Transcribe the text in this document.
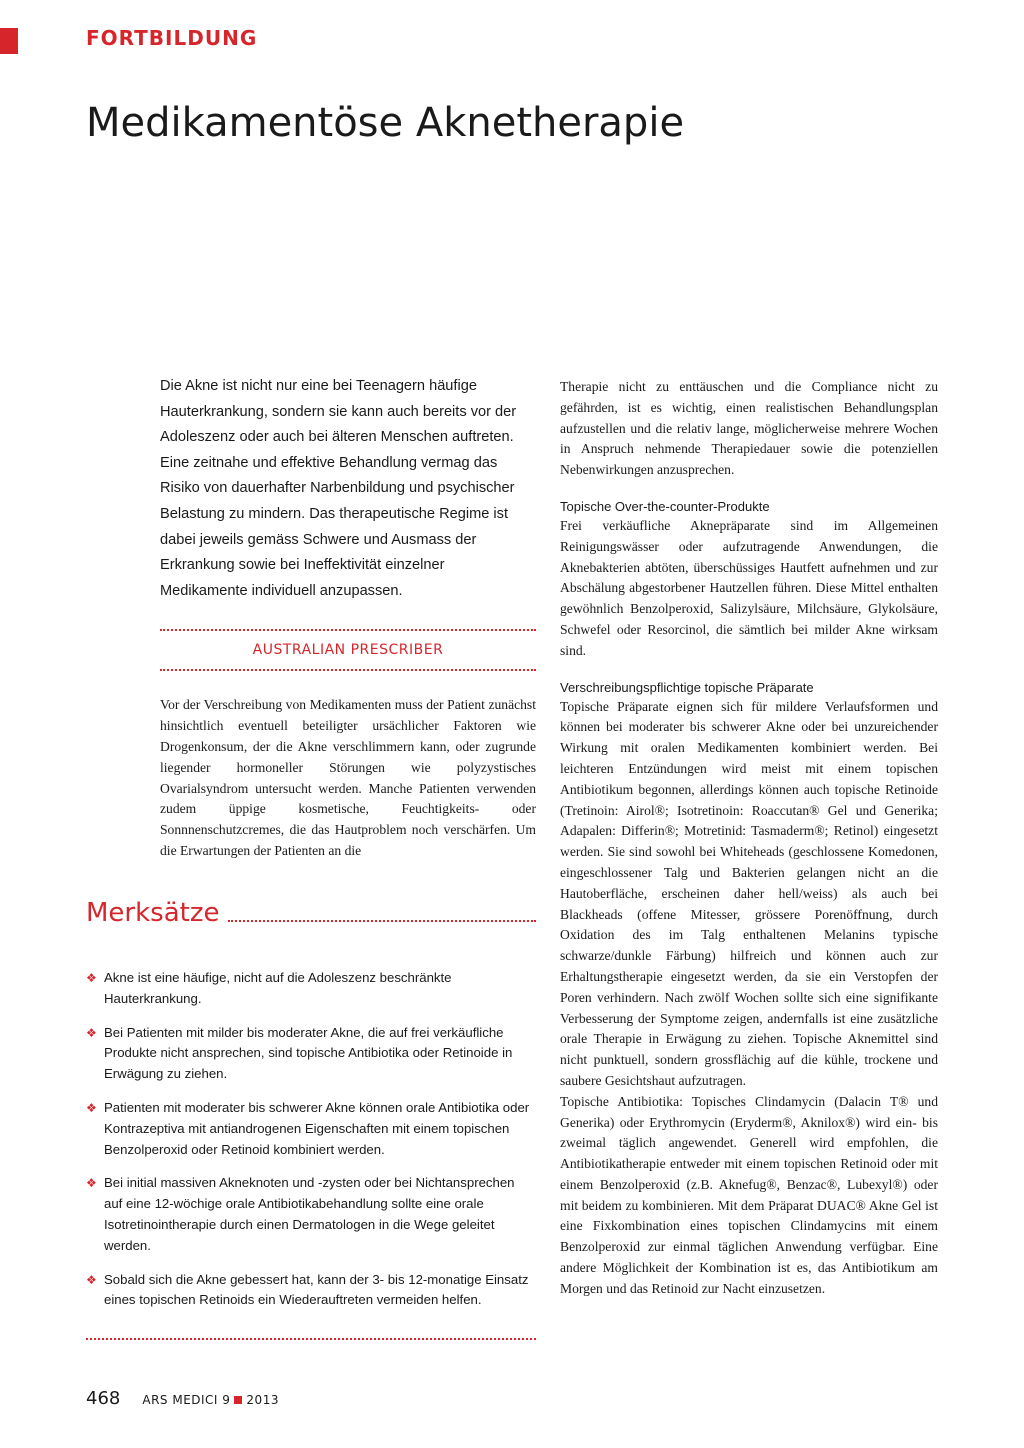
FORTBILDUNG
Medikamentöse Aknetherapie

Die Akne ist nicht nur eine bei Teenagern häufige Hauterkrankung, sondern sie kann auch bereits vor der Adoleszenz oder auch bei älteren Menschen auftreten. Eine zeitnahe und effektive Behandlung vermag das Risiko von dauerhafter Narbenbildung und psychischer Belastung zu mindern. Das therapeutische Regime ist dabei jeweils gemäss Schwere und Ausmass der Erkrankung sowie bei Ineffektivität einzelner Medikamente individuell anzupassen.

AUSTRALIAN PRESCRIBER

Vor der Verschreibung von Medikamenten muss der Patient zunächst hinsichtlich eventuell beteiligter ursächlicher Faktoren wie Drogenkonsum, der die Akne verschlimmern kann, oder zugrunde liegender hormoneller Störungen wie polyzystisches Ovarialsyndrom untersucht werden. Manche Patienten verwenden zudem üppige kosmetische, Feuchtigkeits- oder Sonnnenschutzcremes, die das Hautproblem noch verschärfen. Um die Erwartungen der Patienten an die

Therapie nicht zu enttäuschen und die Compliance nicht zu gefährden, ist es wichtig, einen realistischen Behandlungsplan aufzustellen und die relativ lange, möglicherweise mehrere Wochen in Anspruch nehmende Therapiedauer sowie die potenziellen Nebenwirkungen anzusprechen.

Topische Over-the-counter-Produkte

Frei verkäufliche Aknepräparate sind im Allgemeinen Reinigungswässer oder aufzutragende Anwendungen, die Aknebakterien abtöten, überschüssiges Hautfett aufnehmen und zur Abschälung abgestorbener Hautzellen führen. Diese Mittel enthalten gewöhnlich Benzolperoxid, Salizylsäure, Milchsäure, Glykolsäure, Schwefel oder Resorcinol, die sämtlich bei milder Akne wirksam sind.

Verschreibungspflichtige topische Präparate

Topische Präparate eignen sich für mildere Verlaufsformen und können bei moderater bis schwerer Akne oder bei unzureichender Wirkung mit oralen Medikamenten kombiniert werden. Bei leichteren Entzündungen wird meist mit einem topischen Antibiotikum begonnen, allerdings können auch topische Retinoide (Tretinoin: Airol®; Isotretinoin: Roaccutan® Gel und Generika; Adapalen: Differin®; Motretinid: Tasmaderm®; Retinol) eingesetzt werden. Sie sind sowohl bei Whiteheads (geschlossene Komedonen, eingeschlossener Talg und Bakterien gelangen nicht an die Hautoberfläche, erscheinen daher hell/weiss) als auch bei Blackheads (offene Mitesser, grössere Porenöffnung, durch Oxidation des im Talg enthaltenen Melanins typische schwarze/dunkle Färbung) hilfreich und können auch zur Erhaltungstherapie eingesetzt werden, da sie ein Verstopfen der Poren verhindern. Nach zwölf Wochen sollte sich eine signifikante Verbesserung der Symptome zeigen, andernfalls ist eine zusätzliche orale Therapie in Erwägung zu ziehen. Topische Aknemittel sind nicht punktuell, sondern grossflächig auf die kühle, trockene und saubere Gesichtshaut aufzutragen.

Topische Antibiotika: Topisches Clindamycin (Dalacin T® und Generika) oder Erythromycin (Eryderm®, Aknilox®) wird ein- bis zweimal täglich angewendet. Generell wird empfohlen, die Antibiotikatherapie entweder mit einem topischen Retinoid oder mit einem Benzolperoxid (z.B. Aknefug®, Benzac®, Lubexyl®) oder mit beidem zu kombinieren. Mit dem Präparat DUAC® Akne Gel ist eine Fixkombination eines topischen Clindamycins mit einem Benzolperoxid zur einmal täglichen Anwendung verfügbar. Eine andere Möglichkeit der Kombination ist es, das Antibiotikum am Morgen und das Retinoid zur Nacht einzusetzen.

Merksätze
❖ Akne ist eine häufige, nicht auf die Adoleszenz beschränkte Hauterkrankung.
❖ Bei Patienten mit milder bis moderater Akne, die auf frei verkäufliche Produkte nicht ansprechen, sind topische Antibiotika oder Retinoide in Erwägung zu ziehen.
❖ Patienten mit moderater bis schwerer Akne können orale Antibiotika oder Kontrazeptiva mit antiandrogenen Eigenschaften mit einem topischen Benzolperoxid oder Retinoid kombiniert werden.
❖ Bei initial massiven Akneknoten und -zysten oder bei Nichtansprechen auf eine 12-wöchige orale Antibiotikabehandlung sollte eine orale Isotretinointherapie durch einen Dermatologen in die Wege geleitet werden.
❖ Sobald sich die Akne gebessert hat, kann der 3- bis 12-monatige Einsatz eines topischen Retinoids ein Wiederauftreten vermeiden helfen.
468 ARS MEDICI 9 2013
